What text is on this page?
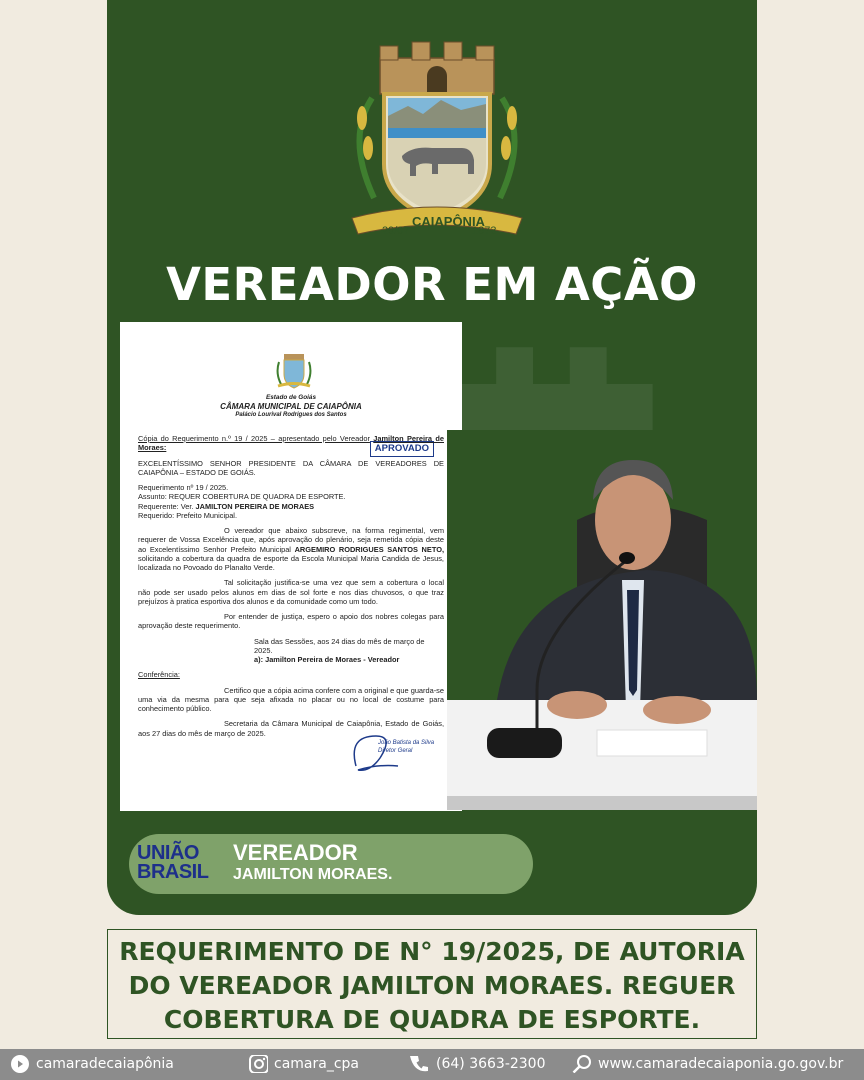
29/07
CAIAPÔNIA
1873
VEREADOR EM AÇÃO
Estado de Goiás
CÂMARA MUNICIPAL DE CAIAPÔNIA
Palácio Lourival Rodrigues dos Santos
APROVADO

Cópia do Requerimento n.º 19 / 2025 – apresentado pelo Vereador Jamilton Pereira de Moraes:

EXCELENTÍSSIMO SENHOR PRESIDENTE DA CÂMARA DE VEREADORES DE CAIAPÔNIA – ESTADO DE GOIÁS.

Requerimento nº 19 / 2025.
Assunto: REQUER COBERTURA DE QUADRA DE ESPORTE.
Requerente: Ver. JAMILTON PEREIRA DE MORAES

Requerido: Prefeito Municipal.

O vereador que abaixo subscreve, na forma regimental, vem requerer de Vossa Excelência que, após aprovação do plenário, seja remetida cópia deste ao Excelentíssimo Senhor Prefeito Municipal ARGEMIRO RODRIGUES SANTOS NETO, solicitando a cobertura da quadra de esporte da Escola Municipal Maria Candida de Jesus, localizada no Povoado do Planalto Verde.

Tal solicitação justifica-se uma vez que sem a cobertura o local não pode ser usado pelos alunos em dias de sol forte e nos dias chuvosos, o que traz prejuízos à pratica esportiva dos alunos e da comunidade como um todo.

Por entender de justiça, espero o apoio dos nobres colegas para aprovação deste requerimento.

Sala das Sessões, aos 24 dias do mês de março de 2025.

a): Jamilton Pereira de Moraes - Vereador

Conferência:

Certifico que a cópia acima confere com a original e que guarda-se uma via da mesma para que seja afixada no placar ou no local de costume para conhecimento público.

Secretaria da Câmara Municipal de Caiapônia, Estado de Goiás, aos 27 dias do mês de março de 2025.

João Batista da Silva
Diretor Geral
UNIÃO
BRASIL
VEREADOR
JAMILTON MORAES.
REQUERIMENTO DE N° 19/2025, DE AUTORIA
DO VEREADOR JAMILTON MORAES. REGUER
COBERTURA DE QUADRA DE ESPORTE.
camaradecaiapônia	camara_cpa	(64) 3663-2300	www.camaradecaiaponia.go.gov.br
